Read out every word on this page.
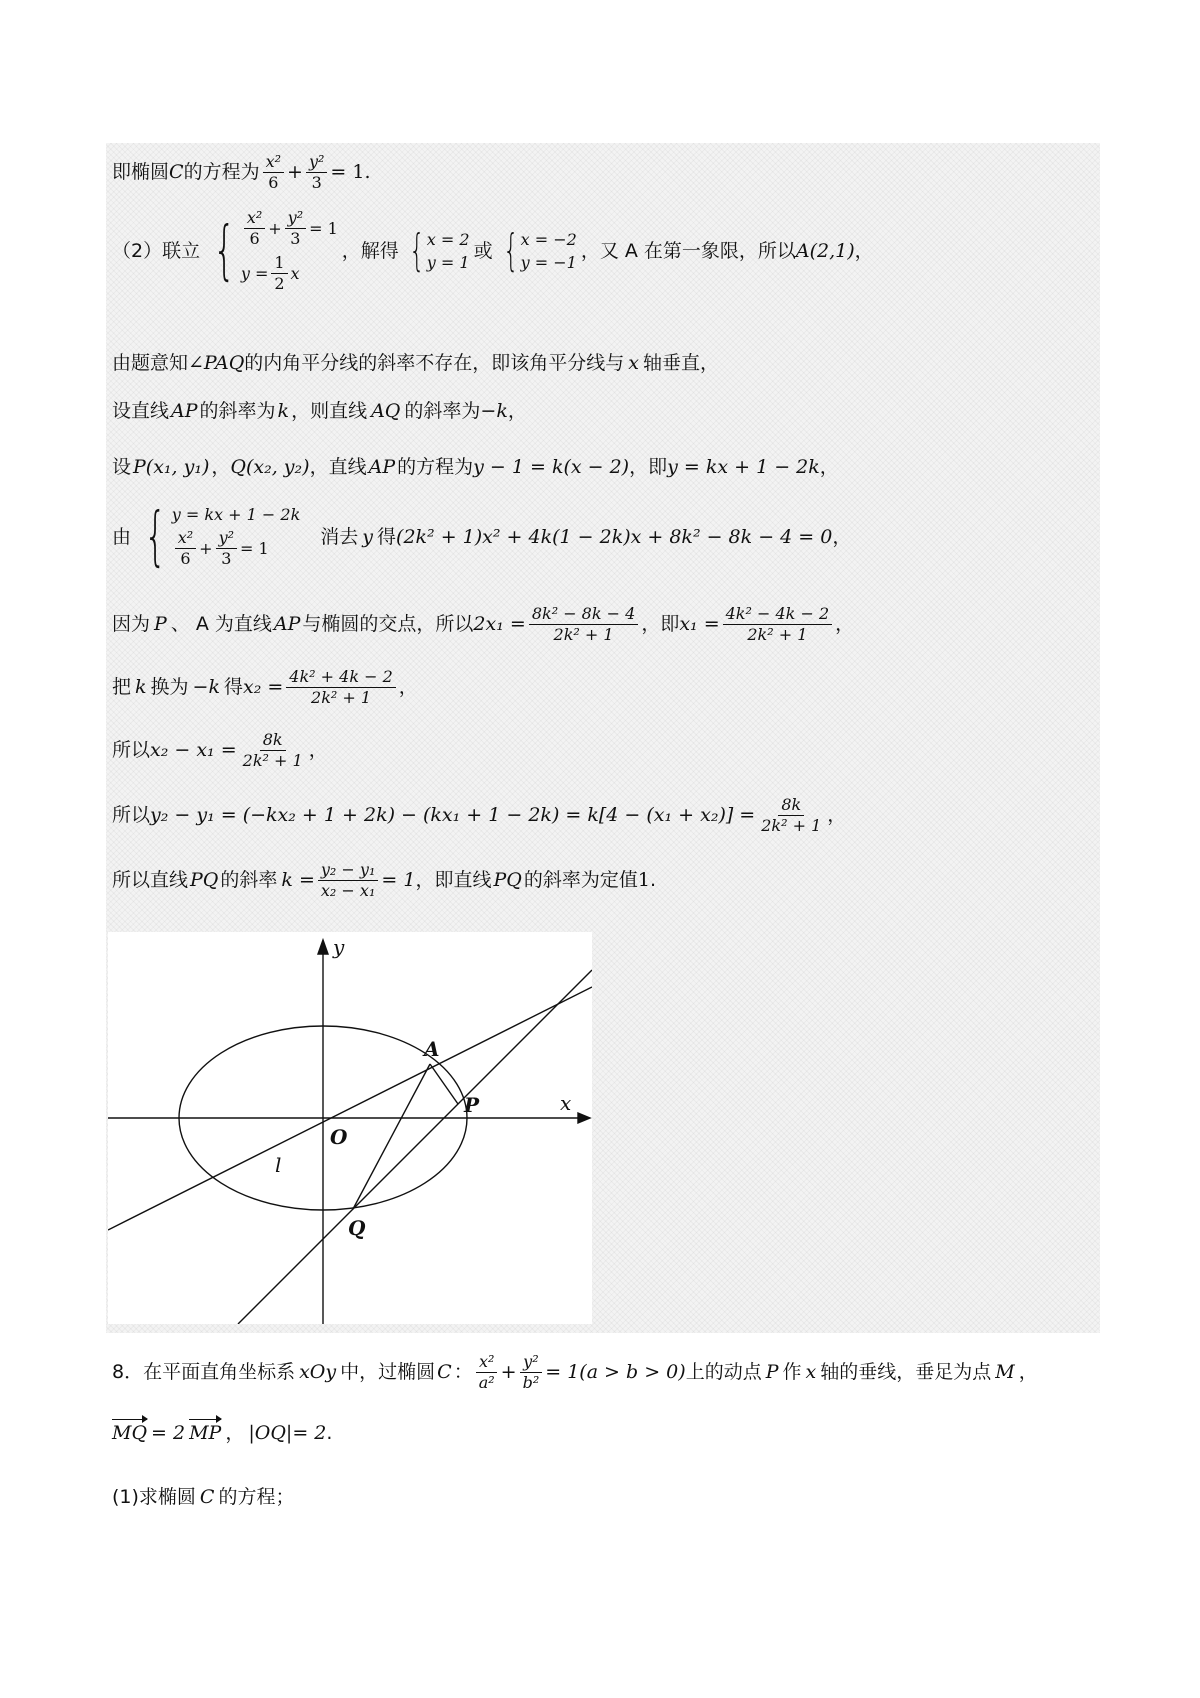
即椭圆 C 的方程为 $\frac{\text{x²}}{6} + \frac{\text{y²}}{3} = 1$ .
（2）联立 { $\frac{\text{x²}}{6} + \frac{\text{y²}}{3} = 1$
$y = \frac{1}{2}$ x
，解得 { x = 2
y = 1
或 { x = −2
y = −1
，又 A 在第一象限，所以 A(2,1) ，
由题意知 ∠PAQ 的内角平分线的斜率不存在，即该角平分线与 x 轴垂直，
设直线 AP 的斜率为 k ，则直线 AQ 的斜率为 −k ，
设 P(x₁, y₁) ， Q(x₂, y₂) ，直线 AP 的方程为 y − 1 = k(x − 2) ，即 y = kx + 1 − 2k ，
由 { y = kx + 1 − 2k
$\frac{\text{x²}}{6} + \frac{\text{y²}}{3} = 1$
消去 y 得 (2k² + 1)x² + 4k(1 − 2k)x + 8k² − 8k − 4 = 0 ，
因为 P 、 A 为直线 AP 与椭圆的交点，所以 $2x_1 = \frac{\text{8k² − 8k − 4}}{\text{2k² + 1}}$ ，即 $x_1 = \frac{\text{4k² − 4k − 2}}{\text{2k² + 1}}$ ，
把 k 换为 −k 得 $x_2 = \frac{\text{4k² + 4k − 2}}{\text{2k² + 1}}$ ，
所以 $x_2 - x_1 = \frac{8k}{\text{2k² + 1}}$ ，
所以 $y_2 - y_1 = (-kx_2 + 1 + 2k) - (kx_1 + 1 - 2k) = k[4 - (x_1 + x_2)] = \frac{8k}{\text{2k² + 1}}$ ，
所以直线 PQ 的斜率 $k = \frac{\text{y₂ − y₁}}{\text{x₂ − x₁}} = 1$ ，即直线 PQ 的斜率为定值 1 .
y
x
O
A
P
Q
l
8．在平面直角坐标系 xOy 中，过椭圆 C ： $\frac{\text{x²}}{\text{a²}} + \frac{\text{y²}}{\text{b²}} = 1(a > b > 0)$ 上的动点 P 作 x 轴的垂线，垂足为点 M ，
MQ = 2 MP ， |OQ|= 2 .
(1)求椭圆 C 的方程；
